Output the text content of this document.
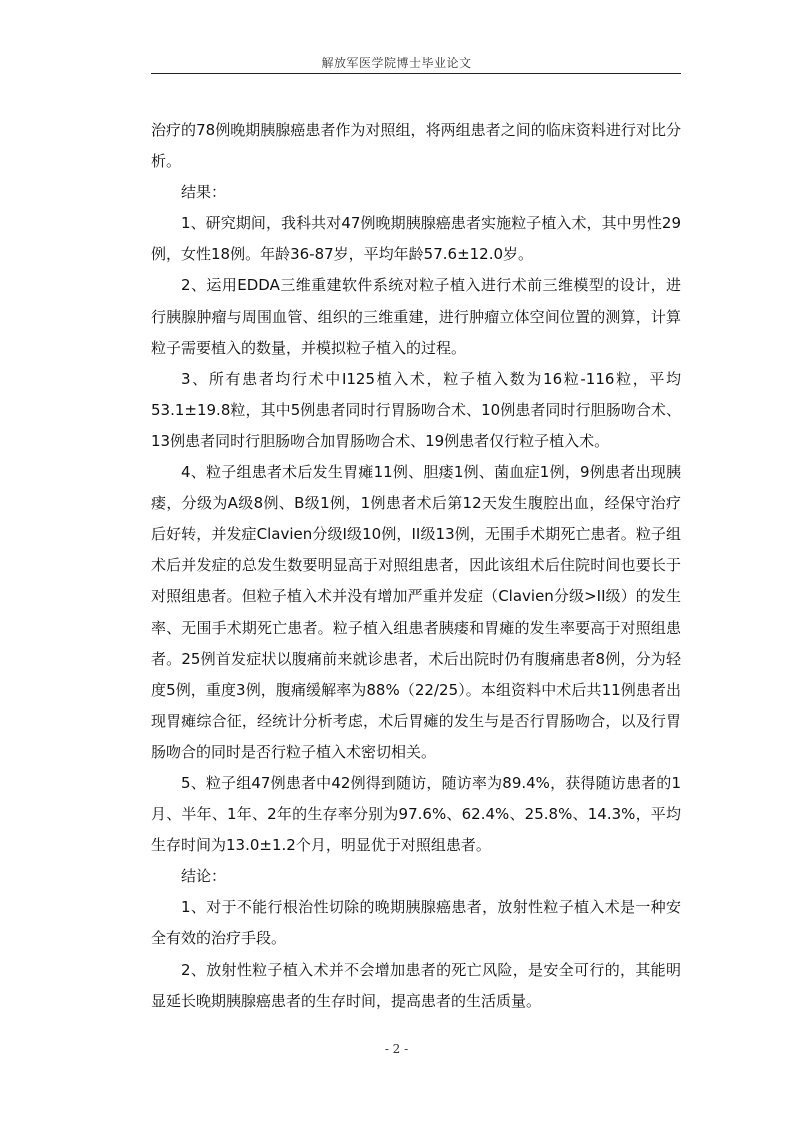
解放军医学院博士毕业论文

治疗的78例晚期胰腺癌患者作为对照组，将两组患者之间的临床资料进行对比分析。

结果：

1、研究期间，我科共对47例晚期胰腺癌患者实施粒子植入术，其中男性29例，女性18例。年龄36-87岁，平均年龄57.6±12.0岁。

2、运用EDDA三维重建软件系统对粒子植入进行术前三维模型的设计，进行胰腺肿瘤与周围血管、组织的三维重建，进行肿瘤立体空间位置的测算，计算粒子需要植入的数量，并模拟粒子植入的过程。

3、所有患者均行术中I125植入术，粒子植入数为16粒-116粒，平均53.1±19.8粒，其中5例患者同时行胃肠吻合术、10例患者同时行胆肠吻合术、13例患者同时行胆肠吻合加胃肠吻合术、19例患者仅行粒子植入术。

4、粒子组患者术后发生胃瘫11例、胆瘘1例、菌血症1例，9例患者出现胰瘘，分级为A级8例、B级1例，1例患者术后第12天发生腹腔出血，经保守治疗后好转，并发症Clavien分级I级10例，II级13例，无围手术期死亡患者。粒子组术后并发症的总发生数要明显高于对照组患者，因此该组术后住院时间也要长于对照组患者。但粒子植入术并没有增加严重并发症（Clavien分级>II级）的发生率、无围手术期死亡患者。粒子植入组患者胰瘘和胃瘫的发生率要高于对照组患者。25例首发症状以腹痛前来就诊患者，术后出院时仍有腹痛患者8例，分为轻度5例，重度3例，腹痛缓解率为88%（22/25）。本组资料中术后共11例患者出现胃瘫综合征，经统计分析考虑，术后胃瘫的发生与是否行胃肠吻合，以及行胃肠吻合的同时是否行粒子植入术密切相关。

5、粒子组47例患者中42例得到随访，随访率为89.4%，获得随访患者的1月、半年、1年、2年的生存率分别为97.6%、62.4%、25.8%、14.3%，平均生存时间为13.0±1.2个月，明显优于对照组患者。

结论：

1、对于不能行根治性切除的晚期胰腺癌患者，放射性粒子植入术是一种安全有效的治疗手段。

2、放射性粒子植入术并不会增加患者的死亡风险，是安全可行的，其能明显延长晚期胰腺癌患者的生存时间，提高患者的生活质量。

- 2 -
